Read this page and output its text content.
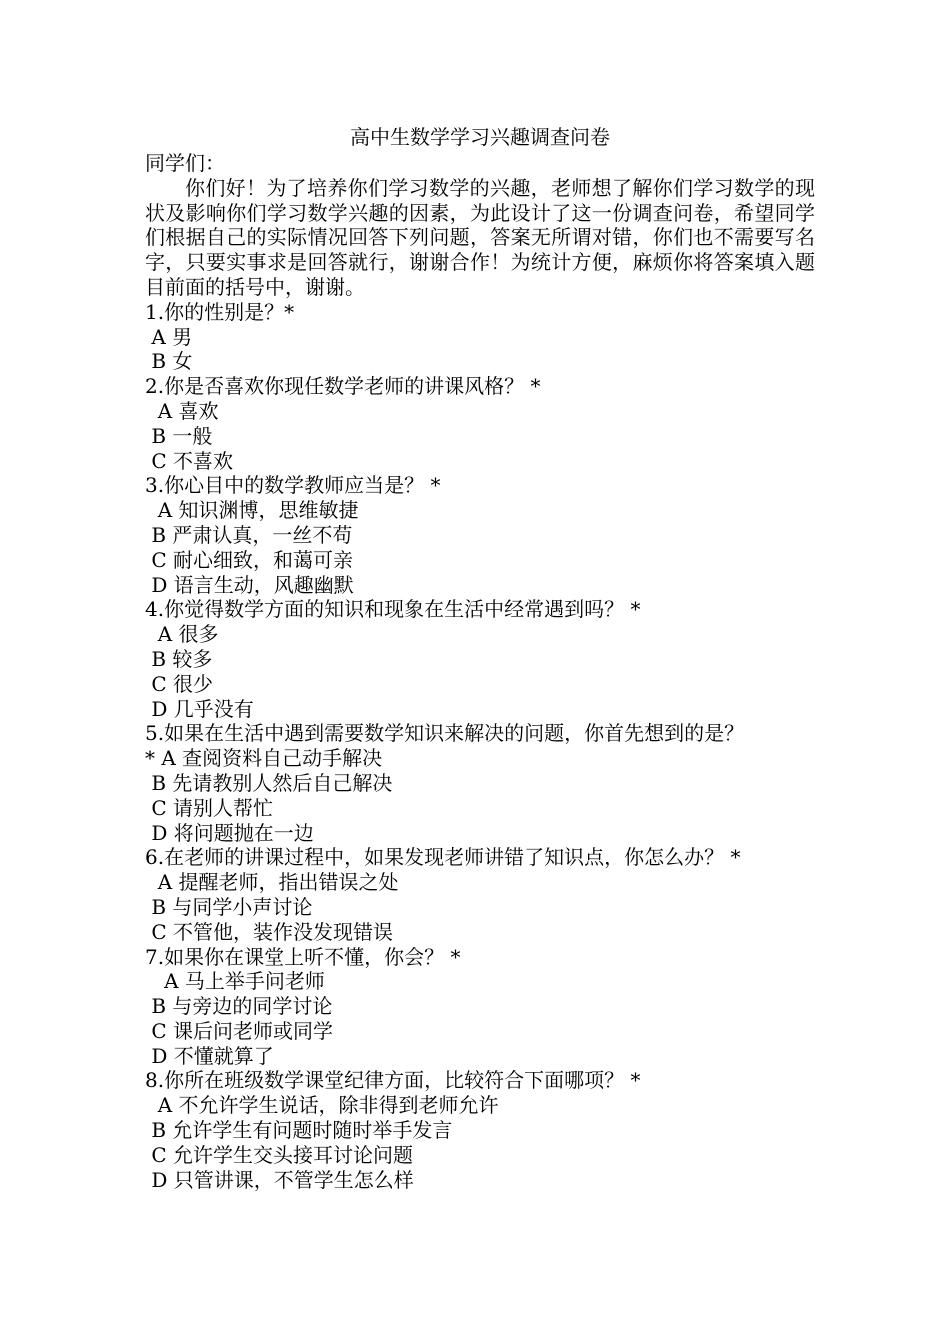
高中生数学学习兴趣调查问卷

同学们：

你们好！为了培养你们学习数学的兴趣，老师想了解你们学习数学的现状及影响你们学习数学兴趣的因素，为此设计了这一份调查问卷，希望同学们根据自己的实际情况回答下列问题，答案无所谓对错，你们也不需要写名字，只要实事求是回答就行，谢谢合作！为统计方便，麻烦你将答案填入题目前面的括号中，谢谢。

1.你的性别是？*

A 男

B 女

2.你是否喜欢你现任数学老师的讲课风格？ *

A 喜欢

B 一般

C 不喜欢

3.你心目中的数学教师应当是？ *

A 知识渊博，思维敏捷

B 严肃认真，一丝不苟

C 耐心细致，和蔼可亲

D 语言生动，风趣幽默

4.你觉得数学方面的知识和现象在生活中经常遇到吗？ *

A 很多

B 较多

C 很少

D 几乎没有

5.如果在生活中遇到需要数学知识来解决的问题，你首先想到的是？

* A 查阅资料自己动手解决

B 先请教别人然后自己解决

C 请别人帮忙

D 将问题抛在一边

6.在老师的讲课过程中，如果发现老师讲错了知识点，你怎么办？ *

A 提醒老师，指出错误之处

B 与同学小声讨论

C 不管他，装作没发现错误

7.如果你在课堂上听不懂，你会？ *

A 马上举手问老师

B 与旁边的同学讨论

C 课后问老师或同学

D 不懂就算了

8.你所在班级数学课堂纪律方面，比较符合下面哪项？ *

A 不允许学生说话，除非得到老师允许

B 允许学生有问题时随时举手发言

C 允许学生交头接耳讨论问题

D 只管讲课，不管学生怎么样
